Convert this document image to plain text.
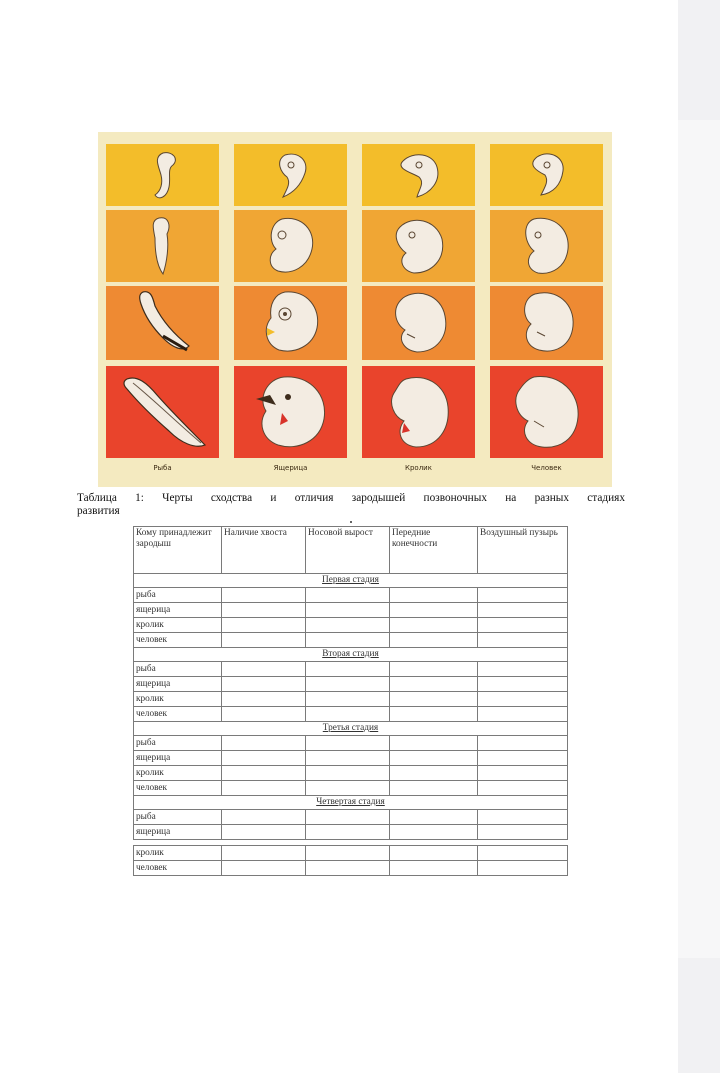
Рыба	Ящерица	Кролик	Человек
Таблица 1: Черты сходства и отличия зародышей позвоночных на разных стадиях
развития
Кому принадлежит зародыш	Наличие хвоста	Носовой вырост	Передние конечности	Воздушный пузырь
Первая стадия				
рыба				
ящерица				
кролик				
человек				
Вторая стадия				
рыба				
ящерица				
кролик				
человек				
Третья стадия				
рыба				
ящерица				
кролик				
человек				
Четвертая стадия				
рыба				
ящерица				

кролик				
человек				
